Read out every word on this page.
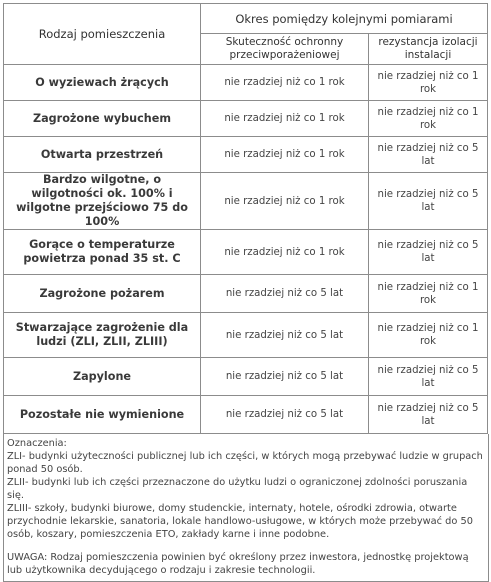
Rodzaj pomieszczenia	Okres pomiędzy kolejnymi pomiarami	
	Skuteczność ochronny przeciwporażeniowej	rezystancja izolacji instalacji
O wyziewach żrących	nie rzadziej niż co 1 rok	nie rzadziej niż co 1 rok
Zagrożone wybuchem	nie rzadziej niż co 1 rok	nie rzadziej niż co 1 rok
Otwarta przestrzeń	nie rzadziej niż co 1 rok	nie rzadziej niż co 5 lat
Bardzo wilgotne, o wilgotności ok. 100% i wilgotne przejściowo 75 do 100%	nie rzadziej niż co 1 rok	nie rzadziej niż co 5 lat
Gorące o temperaturze powietrza ponad 35 st. C	nie rzadziej niż co 1 rok	nie rzadziej niż co 5 lat
Zagrożone pożarem	nie rzadziej niż co 5 lat	nie rzadziej niż co 1 rok
Stwarzające zagrożenie dla ludzi (ZLI, ZLII, ZLIII)	nie rzadziej niż co 5 lat	nie rzadziej niż co 1 rok
Zapylone	nie rzadziej niż co 5 lat	nie rzadziej niż co 5 lat
Pozostałe nie wymienione	nie rzadziej niż co 5 lat	nie rzadziej niż co 5 lat

Oznaczenia:

ZLI- budynki użyteczności publicznej lub ich części, w których mogą przebywać ludzie w grupach ponad 50 osób.

ZLII- budynki lub ich części przeznaczone do użytku ludzi o ograniczonej zdolności poruszania się.

ZLIII- szkoły, budynki biurowe, domy studenckie, internaty, hotele, ośrodki zdrowia, otwarte przychodnie lekarskie, sanatoria, lokale handlowo-usługowe, w których może przebywać do 50 osób, koszary, pomieszczenia ETO, zakłady karne i inne podobne.

UWAGA: Rodzaj pomieszczenia powinien być określony przez inwestora, jednostkę projektową lub użytkownika decydującego o rodzaju i zakresie technologii.
